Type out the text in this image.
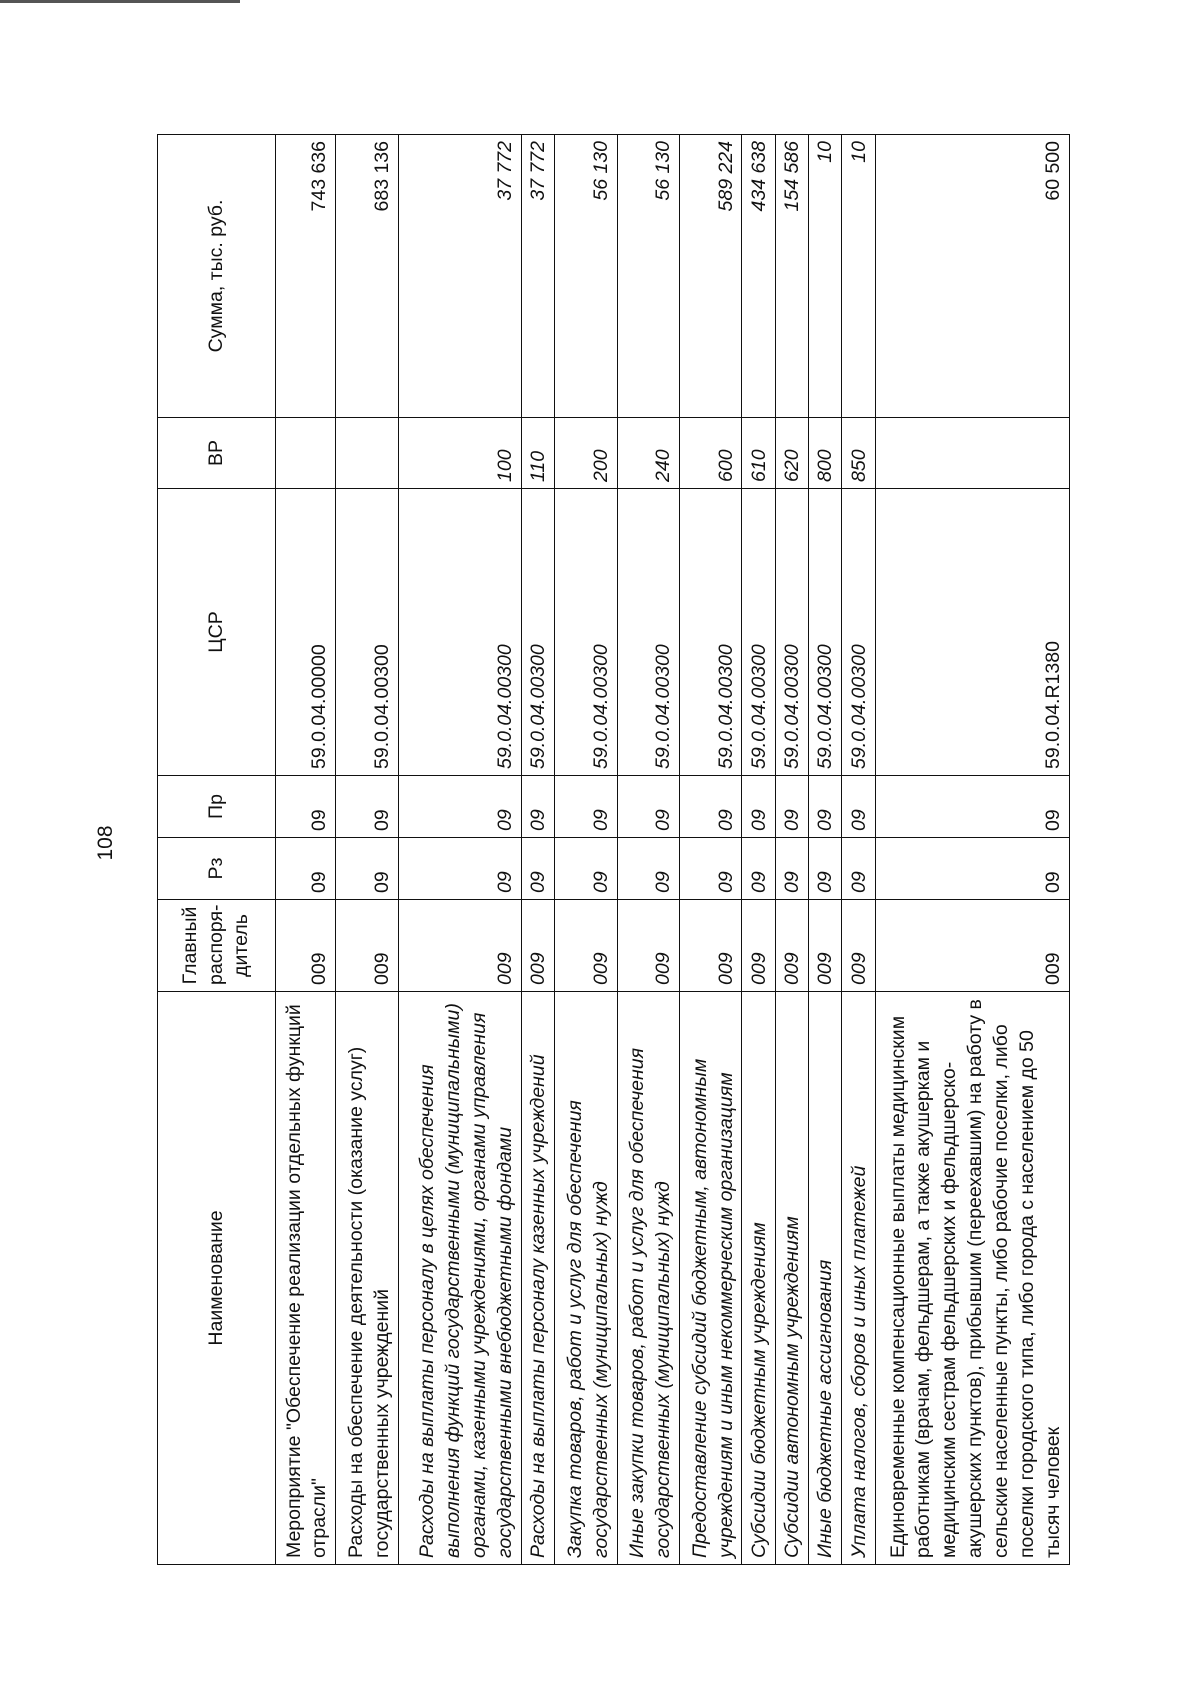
108
Наименование	Главный распоря-дитель	Рз	Пр	ЦСР	ВР	Сумма, тыс. руб.
Мероприятие "Обеспечение реализации отдельных функций отрасли"	009	09	09	59.0.04.00000		743 636
Расходы на обеспечение деятельности (оказание услуг) государственных учреждений	009	09	09	59.0.04.00300		683 136
Расходы на выплаты персоналу в целях обеспечения выполнения функций государственными (муниципальными) органами, казенными учреждениями, органами управления государственными внебюджетными фондами	009	09	09	59.0.04.00300	100	37 772
Расходы на выплаты персоналу казенных учреждений	009	09	09	59.0.04.00300	110	37 772
Закупка товаров, работ и услуг для обеспечения государственных (муниципальных) нужд	009	09	09	59.0.04.00300	200	56 130
Иные закупки товаров, работ и услуг для обеспечения государственных (муниципальных) нужд	009	09	09	59.0.04.00300	240	56 130
Предоставление субсидий бюджетным, автономным учреждениям и иным некоммерческим организациям	009	09	09	59.0.04.00300	600	589 224
Субсидии бюджетным учреждениям	009	09	09	59.0.04.00300	610	434 638
Субсидии автономным учреждениям	009	09	09	59.0.04.00300	620	154 586
Иные бюджетные ассигнования	009	09	09	59.0.04.00300	800	10
Уплата налогов, сборов и иных платежей	009	09	09	59.0.04.00300	850	10
Единовременные компенсационные выплаты медицинским работникам (врачам, фельдшерам, а также акушеркам и медицинским сестрам фельдшерских и фельдшерско-акушерских пунктов), прибывшим (переехавшим) на работу в сельские населенные пункты, либо рабочие поселки, либо поселки городского типа, либо города с населением до 50 тысяч человек	009	09	09	59.0.04.R1380		60 500
